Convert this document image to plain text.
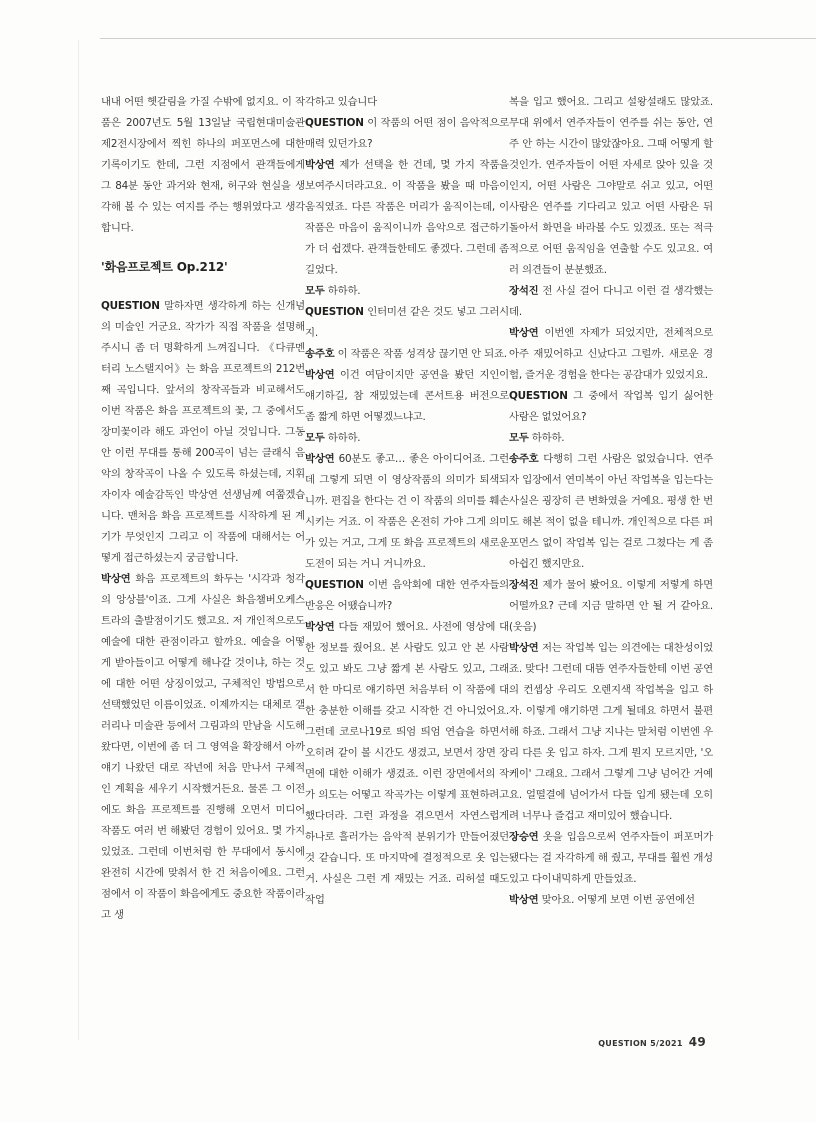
내내 어떤 헷갈림을 가질 수밖에 없지요. 이 작품은 2007년도 5월 13일날 국립현대미술관 제2전시장에서 찍힌 하나의 퍼포먼스에 대한 기록이기도 한데, 그런 지점에서 관객들에게 그 84분 동안 과거와 현재, 허구와 현실을 생각해 볼 수 있는 여지를 주는 행위였다고 생각합니다.

'화음프로젝트 Op.212'

QUESTION 말하자면 생각하게 하는 신개념의 미술인 거군요. 작가가 직접 작품을 설명해 주시니 좀 더 명확하게 느껴집니다. 《다큐멘터리 노스탤지어》는 화음 프로젝트의 212번째 곡입니다. 앞서의 창작곡들과 비교해서도 이번 작품은 화음 프로젝트의 꽃, 그 중에서도 장미꽃이라 해도 과언이 아닐 것입니다. 그동안 이런 무대를 통해 200곡이 넘는 클래식 음악의 창작곡이 나올 수 있도록 하셨는데, 지휘자이자 예술감독인 박상연 선생님께 여쭙겠습니다. 맨처음 화음 프로젝트를 시작하게 된 계기가 무엇인지 그리고 이 작품에 대해서는 어떻게 접근하셨는지 궁금합니다.

박상연 화음 프로젝트의 화두는 '시각과 청각의 앙상블'이죠. 그게 사실은 화음챔버오케스트라의 출발점이기도 했고요. 저 개인적으로도 예술에 대한 관점이라고 할까요. 예술을 어떻게 받아들이고 어떻게 해나갈 것이냐, 하는 것에 대한 어떤 상징이었고, 구체적인 방법으로 선택했었던 이름이었죠. 이제까지는 대체로 갤러리나 미술관 등에서 그림과의 만남을 시도해 왔다면, 이번에 좀 더 그 영역을 확장해서 아까 얘기 나왔던 대로 작년에 처음 만나서 구체적인 계획을 세우기 시작했거든요. 물론 그 이전에도 화음 프로젝트를 진행해 오면서 미디어 작품도 여러 번 해봤던 경험이 있어요. 몇 가지 있었죠. 그런데 이번처럼 한 무대에서 동시에 완전히 시간에 맞춰서 한 건 처음이에요. 그런 점에서 이 작품이 화음에게도 중요한 작품이라고 생

각하고 있습니다

QUESTION 이 작품의 어떤 점이 음악적으로 매력 있던가요?

박상연 제가 선택을 한 건데, 몇 가지 작품을 보여주시더라고요. 이 작품을 봤을 때 마음이 움직였죠. 다른 작품은 머리가 움직이는데, 이 작품은 마음이 움직이니까 음악으로 접근하기가 더 쉽겠다. 관객들한테도 좋겠다. 그런데 좀 길었다.

모두 하하하.

QUESTION 인터미션 같은 것도 넣고 그러시지.

송주호 이 작품은 작품 성격상 끊기면 안 되죠.

박상연 이건 여담이지만 공연을 봤던 지인이 얘기하길, 참 재밌었는데 콘서트용 버전으로 좀 짧게 하면 어떻겠느냐고.

모두 하하하.

박상연 60분도 좋고… 좋은 아이디어죠. 그런데 그렇게 되면 이 영상작품의 의미가 퇴색되니까. 편집을 한다는 건 이 작품의 의미를 훼손시키는 거죠. 이 작품은 온전히 가야 그게 의미가 있는 거고, 그게 또 화음 프로젝트의 새로운 도전이 되는 거니 거니까요.

QUESTION 이번 음악회에 대한 연주자들의 반응은 어땠습니까?

박상연 다들 재밌어 했어요. 사전에 영상에 대한 정보를 줬어요. 본 사람도 있고 안 본 사람도 있고 봐도 그냥 짧게 본 사람도 있고, 그래서 한 마디로 얘기하면 처음부터 이 작품에 대한 충분한 이해를 갖고 시작한 건 아니었어요. 그런데 코로나19로 띄엄 띄엄 연습을 하면서 오히려 같이 볼 시간도 생겼고, 보면서 장면 장면에 대한 이해가 생겼죠. 이런 장면에서의 작가 의도는 어떻고 작곡가는 이렇게 표현하려고 했다더라. 그런 과정을 겪으면서 자연스럽게 하나로 흘러가는 음악적 분위기가 만들어졌던 것 같습니다. 또 마지막에 결정적으로 옷 입는 거. 사실은 그런 게 재밌는 거죠. 리허설 때도 작업

복을 입고 했어요. 그리고 설왕설래도 많았죠. 무대 위에서 연주자들이 연주를 쉬는 동안, 연주 안 하는 시간이 많았잖아요. 그때 어떻게 할 것인가. 연주자들이 어떤 자세로 앉아 있을 것인지, 어떤 사람은 그야말로 쉬고 있고, 어떤 사람은 연주를 기다리고 있고 어떤 사람은 뒤돌아서 화면을 바라볼 수도 있겠죠. 또는 적극적으로 어떤 움직임을 연출할 수도 있고요. 여러 의견들이 분분했죠.

장석진 전 사실 걸어 다니고 이런 걸 생각했는데.

박상연 이번엔 자제가 되었지만, 전체적으로 아주 재밌어하고 신났다고 그럴까. 새로운 경험, 즐거운 경험을 한다는 공감대가 있었지요.

QUESTION 그 중에서 작업복 입기 싫어한 사람은 없었어요?

모두 하하하.

송주호 다행히 그런 사람은 없었습니다. 연주자 입장에서 연미복이 아닌 작업복을 입는다는 사실은 굉장히 큰 변화였을 거예요. 평생 한 번도 해본 적이 없을 테니까. 개인적으로 다른 퍼포먼스 없이 작업복 입는 걸로 그쳤다는 게 좀 아쉽긴 했지만요.

장석진 제가 물어 봤어요. 이렇게 저렇게 하면 어떨까요? 근데 지금 말하면 안 될 거 같아요. (웃음)

박상연 저는 작업복 입는 의견에는 대찬성이었죠. 맞다! 그런데 대뜸 연주자들한테 이번 공연의 컨셉상 우리도 오렌지색 작업복을 입고 하자. 이렇게 얘기하면 그게 될데요 하면서 불편해 하죠. 그래서 그냥 지나는 말처럼 이번엔 우리 다른 옷 입고 하자. 그게 뭔지 모르지만, '오케이' 그래요. 그래서 그렇게 그냥 넘어간 거예요. 얼떨결에 넘어가서 다들 입게 됐는데 오히려 너무나 즐겁고 재미있어 했습니다.

장승연 옷을 입음으로써 연주자들이 퍼포머가 됐다는 걸 자각하게 해 줬고, 무대를 훨씬 개성 있고 다이내믹하게 만들었죠.

박상연 맞아요. 어떻게 보면 이번 공연에선

QUESTION 5/2021 49
